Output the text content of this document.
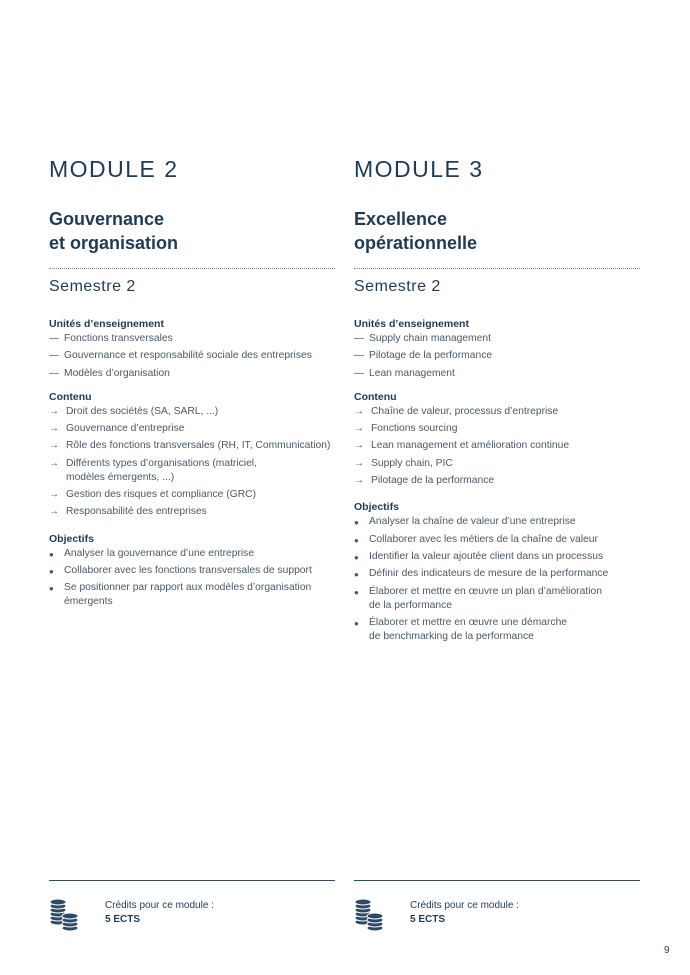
MODULE 2
Gouvernance
et organisation
Semestre 2
Unités d’enseignement
— Fonctions transversales
— Gouvernance et responsabilité sociale des entreprises
— Modèles d’organisation
Contenu
→ Droit des sociétés (SA, SARL, ...)
→ Gouvernance d’entreprise
→ Rôle des fonctions transversales (RH, IT, Communication)
→ Différents types d’organisations (matriciel,
modèles émergents, ...)
→ Gestion des risques et compliance (GRC)
→ Responsabilité des entreprises
Objectifs
● Analyser la gouvernance d’une entreprise
● Collaborer avec les fonctions transversales de support
● Se positionner par rapport aux modèles d’organisation
émergents
Crédits pour ce module :
5 ECTS
MODULE 3
Excellence
opérationnelle
Semestre 2
Unités d’enseignement
— Supply chain management
— Pilotage de la performance
— Lean management
Contenu
→ Chaîne de valeur, processus d’entreprise
→ Fonctions sourcing
→ Lean management et amélioration continue
→ Supply chain, PIC
→ Pilotage de la performance
Objectifs
● Analyser la chaîne de valeur d’une entreprise
● Collaborer avec les métiers de la chaîne de valeur
● Identifier la valeur ajoutée client dans un processus
● Définir des indicateurs de mesure de la performance
● Élaborer et mettre en œuvre un plan d’amélioration
de la performance
● Élaborer et mettre en œuvre une démarche
de benchmarking de la performance
Crédits pour ce module :
5 ECTS
9
